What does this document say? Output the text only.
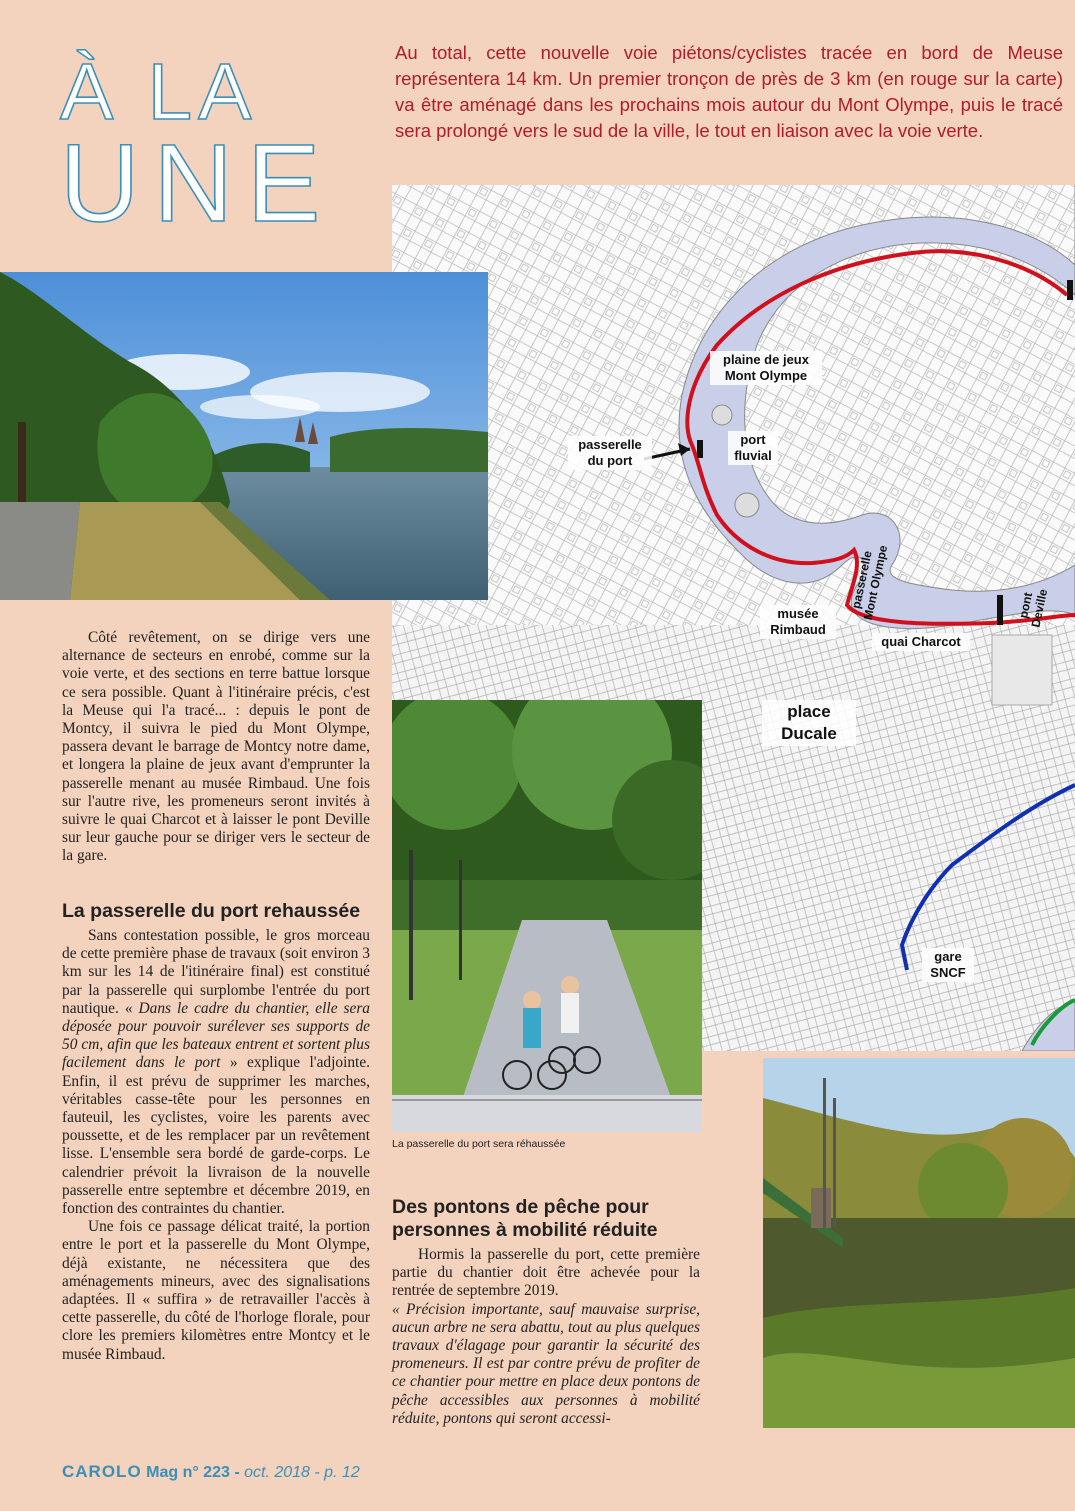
À LA
UNE
Au total, cette nouvelle voie piétons/cyclistes tracée en bord de Meuse représentera 14 km. Un premier tronçon de près de 3 km (en rouge sur la carte) va être aménagé dans les prochains mois autour du Mont Olympe, puis le tracé sera prolongé vers le sud de la ville, le tout en liaison avec la voie verte.
plaine de jeux Mont Olympe
port fluvial
passerelle du port
passerelle Mont Olympe
musée Rimbaud
quai Charcot
pont Deville
place Ducale
gare SNCF

Côté revêtement, on se dirige vers une alternance de secteurs en enrobé, comme sur la voie verte, et des sections en terre battue lorsque ce sera possible. Quant à l'itinéraire précis, c'est la Meuse qui l'a tracé... : depuis le pont de Montcy, il suivra le pied du Mont Olympe, passera devant le barrage de Montcy notre dame, et longera la plaine de jeux avant d'emprunter la passerelle menant au musée Rimbaud. Une fois sur l'autre rive, les promeneurs seront invités à suivre le quai Charcot et à laisser le pont Deville sur leur gauche pour se diriger vers le secteur de la gare.

La passerelle du port rehaussée

Sans contestation possible, le gros morceau de cette première phase de travaux (soit environ 3 km sur les 14 de l'itinéraire final) est constitué par la passerelle qui surplombe l'entrée du port nautique. « Dans le cadre du chantier, elle sera déposée pour pouvoir surélever ses supports de 50 cm, afin que les bateaux entrent et sortent plus facilement dans le port » explique l'adjointe. Enfin, il est prévu de supprimer les marches, véritables casse-tête pour les personnes en fauteuil, les cyclistes, voire les parents avec poussette, et de les remplacer par un revêtement lisse. L'ensemble sera bordé de garde-corps. Le calendrier prévoit la livraison de la nouvelle passerelle entre septembre et décembre 2019, en fonction des contraintes du chantier.

Une fois ce passage délicat traité, la portion entre le port et la passerelle du Mont Olympe, déjà existante, ne nécessitera que des aménagements mineurs, avec des signalisations adaptées. Il « suffira » de retravailler l'accès à cette passerelle, du côté de l'horloge florale, pour clore les premiers kilomètres entre Montcy et le musée Rimbaud.

La passerelle du port sera réhaussée
Des pontons de pêche pour personnes à mobilité réduite

Hormis la passerelle du port, cette première partie du chantier doit être achevée pour la rentrée de septembre 2019.

« Précision importante, sauf mauvaise surprise, aucun arbre ne sera abattu, tout au plus quelques travaux d'élagage pour garantir la sécurité des promeneurs. Il est par contre prévu de profiter de ce chantier pour mettre en place deux pontons de pêche accessibles aux personnes à mobilité réduite, pontons qui seront accessi-

CAROLO Mag n° 223 - oct. 2018 - p. 12
